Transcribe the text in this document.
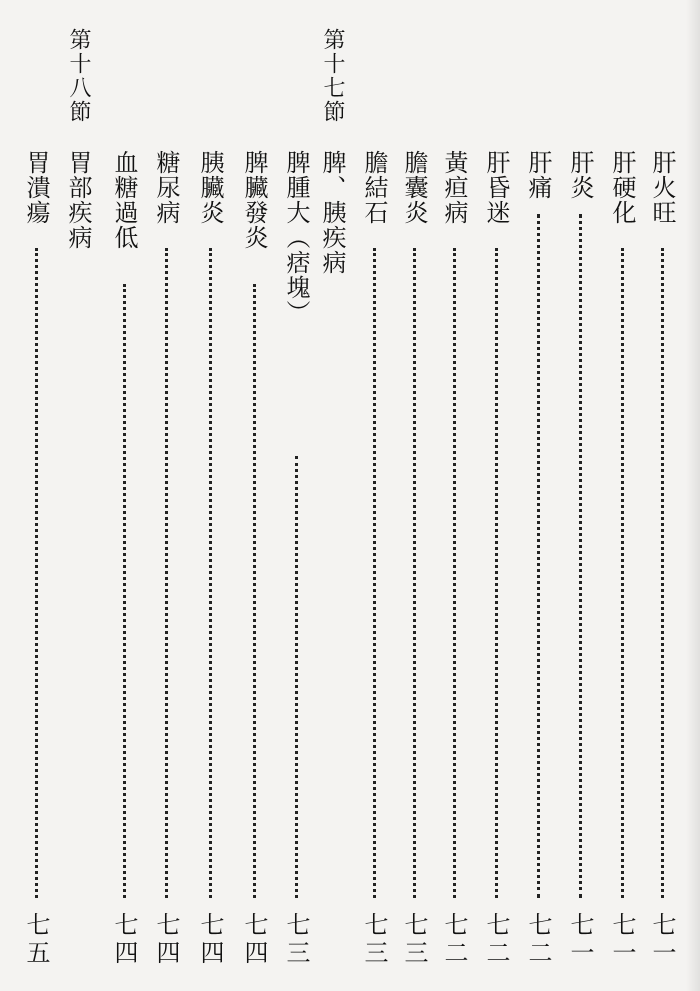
肝火旺
七一
肝硬化
七一
肝炎
七一
肝痛
七二
肝昏迷
七二
黃疸病
七二
膽囊炎
七三
膽結石
七三
第十七節
脾、胰疾病
脾腫大（痞塊）
七三
脾臟發炎
七四
胰臟炎
七四
糖尿病
七四
血糖過低
七四
第十八節
胃部疾病
胃潰瘍
七五
